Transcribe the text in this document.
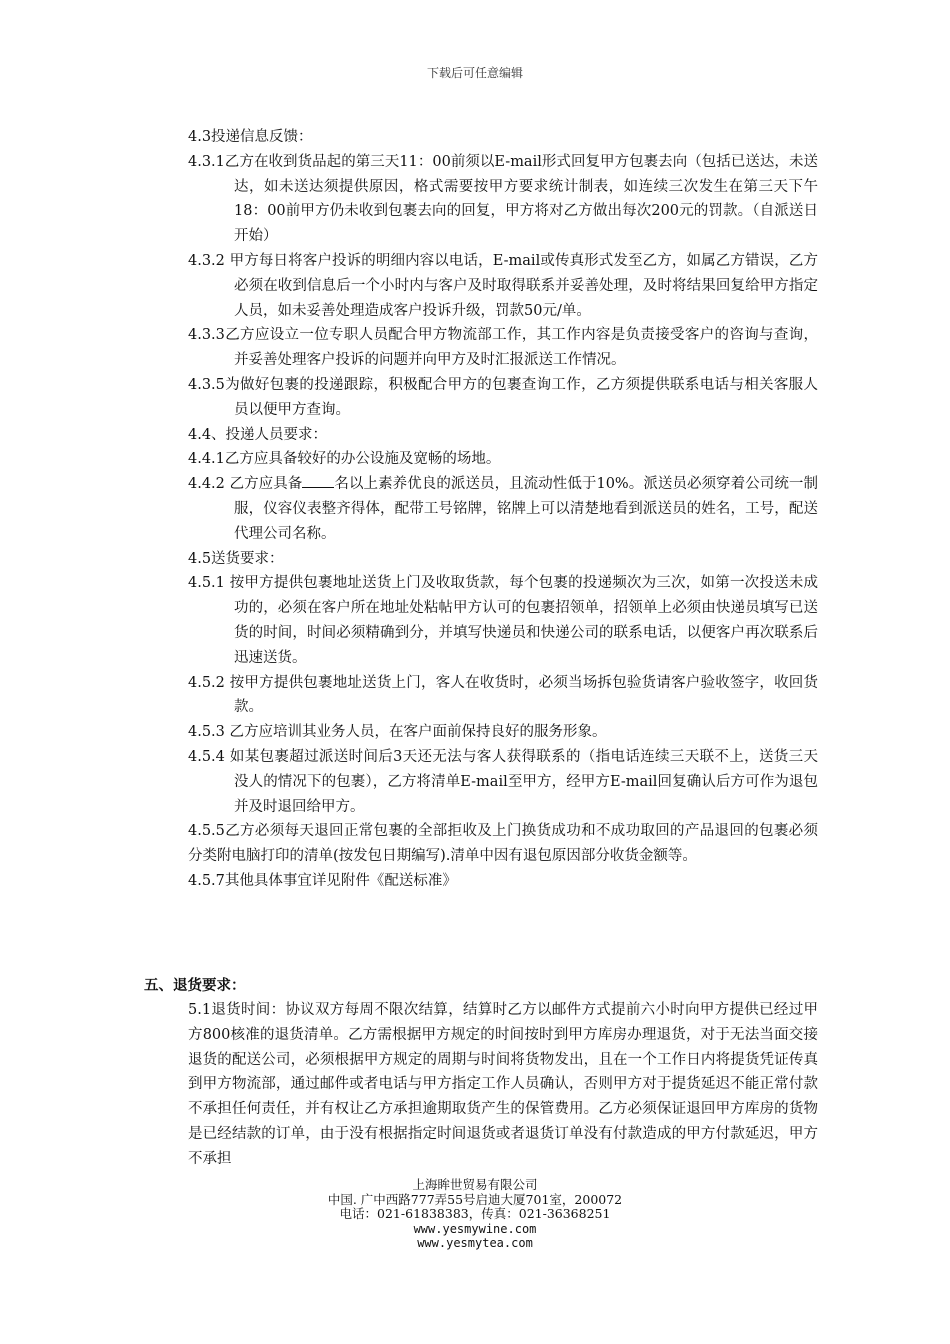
下载后可任意编辑

4.3投递信息反馈：

4.3.1乙方在收到货品起的第三天11：00前须以E-mail形式回复甲方包裹去向（包括已送达，未送达，如未送达须提供原因，格式需要按甲方要求统计制表，如连续三次发生在第三天下午18：00前甲方仍未收到包裹去向的回复，甲方将对乙方做出每次200元的罚款。（自派送日开始）

4.3.2 甲方每日将客户投诉的明细内容以电话，E-mail或传真形式发至乙方，如属乙方错误，乙方必须在收到信息后一个小时内与客户及时取得联系并妥善处理，及时将结果回复给甲方指定人员，如未妥善处理造成客户投诉升级，罚款50元/单。

4.3.3乙方应设立一位专职人员配合甲方物流部工作，其工作内容是负责接受客户的咨询与查询，并妥善处理客户投诉的问题并向甲方及时汇报派送工作情况。

4.3.5为做好包裹的投递跟踪，积极配合甲方的包裹查询工作，乙方须提供联系电话与相关客服人员以便甲方查询。

4.4、投递人员要求：

4.4.1乙方应具备较好的办公设施及宽畅的场地。

4.4.2 乙方应具备 名以上素养优良的派送员，且流动性低于10%。派送员必须穿着公司统一制服，仪容仪表整齐得体，配带工号铭牌，铭牌上可以清楚地看到派送员的姓名，工号，配送代理公司名称。

4.5送货要求：

4.5.1 按甲方提供包裹地址送货上门及收取货款，每个包裹的投递频次为三次，如第一次投送未成功的，必须在客户所在地址处粘帖甲方认可的包裹招领单，招领单上必须由快递员填写已送货的时间，时间必须精确到分，并填写快递员和快递公司的联系电话，以便客户再次联系后迅速送货。

4.5.2 按甲方提供包裹地址送货上门，客人在收货时，必须当场拆包验货请客户验收签字，收回货款。

4.5.3 乙方应培训其业务人员，在客户面前保持良好的服务形象。

4.5.4 如某包裹超过派送时间后3天还无法与客人获得联系的（指电话连续三天联不上，送货三天没人的情况下的包裹），乙方将清单E-mail至甲方，经甲方E-mail回复确认后方可作为退包并及时退回给甲方。

4.5.5乙方必须每天退回正常包裹的全部拒收及上门换货成功和不成功取回的产品退回的包裹必须分类附电脑打印的清单(按发包日期编写).清单中因有退包原因部分收货金额等。

4.5.7其他具体事宜详见附件《配送标准》

五、退货要求：

5.1退货时间：协议双方每周不限次结算，结算时乙方以邮件方式提前六小时向甲方提供已经过甲方800核准的退货清单。乙方需根据甲方规定的时间按时到甲方库房办理退货，对于无法当面交接退货的配送公司，必须根据甲方规定的周期与时间将货物发出，且在一个工作日内将提货凭证传真到甲方物流部，通过邮件或者电话与甲方指定工作人员确认，否则甲方对于提货延迟不能正常付款不承担任何责任，并有权让乙方承担逾期取货产生的保管费用。乙方必须保证退回甲方库房的货物是已经结款的订单，由于没有根据指定时间退货或者退货订单没有付款造成的甲方付款延迟，甲方不承担

上海眸世贸易有限公司
中国. 广中西路777弄55号启迪大厦701室，200072
电话：021-61838383，传真：021-36368251
www.yesmywine.com
www.yesmytea.com
